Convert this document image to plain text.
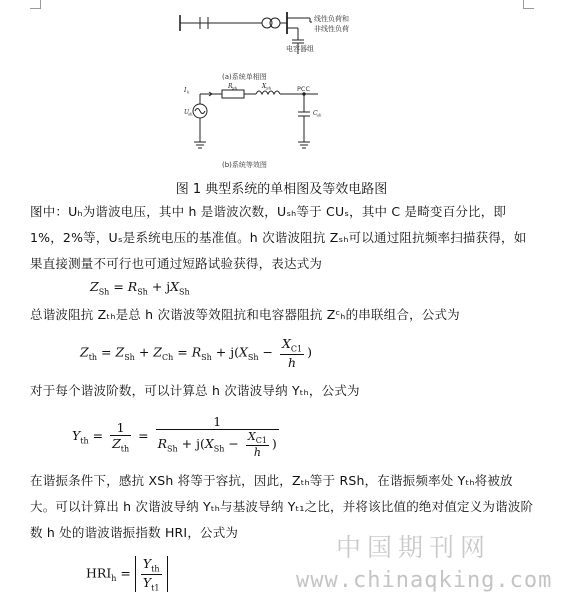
线性负荷和
非线性负荷
电容器组
(a)系统单相图
I h
U
sh
R Sh	X Sh
C sh
PCC
(b)系统等效图
图 1 典型系统的单相图及等效电路图
图中：Uₕ为谐波电压，其中 h 是谐波次数，Uₛₕ等于 CUₛ，其中 C 是畸变百分比，即 1%，2%等，Uₛ是系统电压的基准值。h 次谐波阻抗 Zₛₕ可以通过阻抗频率扫描获得，如果直接测量不可行也可通过短路试验获得，表达式为
$Z_{Sh} = R_{Sh} + jX_{Sh}$
总谐波阻抗 Zₜₕ是总 h 次谐波等效阻抗和电容器阻抗 Zᶜₕ的串联组合，公式为
$Z_{th} = Z_{Sh} + Z_{Ch} = R_{Sh} + j(X_{Sh} - \frac{X_{C1}}{h}$ )
对于每个谐波阶数，可以计算总 h 次谐波导纳 Yₜₕ，公式为
$Y_{th} = \frac{1}{Z_{th}} = \frac{1}{R_{Sh} + j(X_{Sh} - \frac{X_{C1}}{h} )}$
在谐振条件下，感抗 XSh 将等于容抗，因此，Zₜₕ等于 RSh，在谐振频率处 Yₜₕ将被放大。可以计算出 h 次谐波导纳 Yₜₕ与基波导纳 Yₜ₁之比，并将该比值的绝对值定义为谐波阶数 h 处的谐波谐振指数 HRI，公式为
$HRI_h = \frac{Y_{th}}{Y_{t1}}$
中国期刊网
www.chinaqking.com
